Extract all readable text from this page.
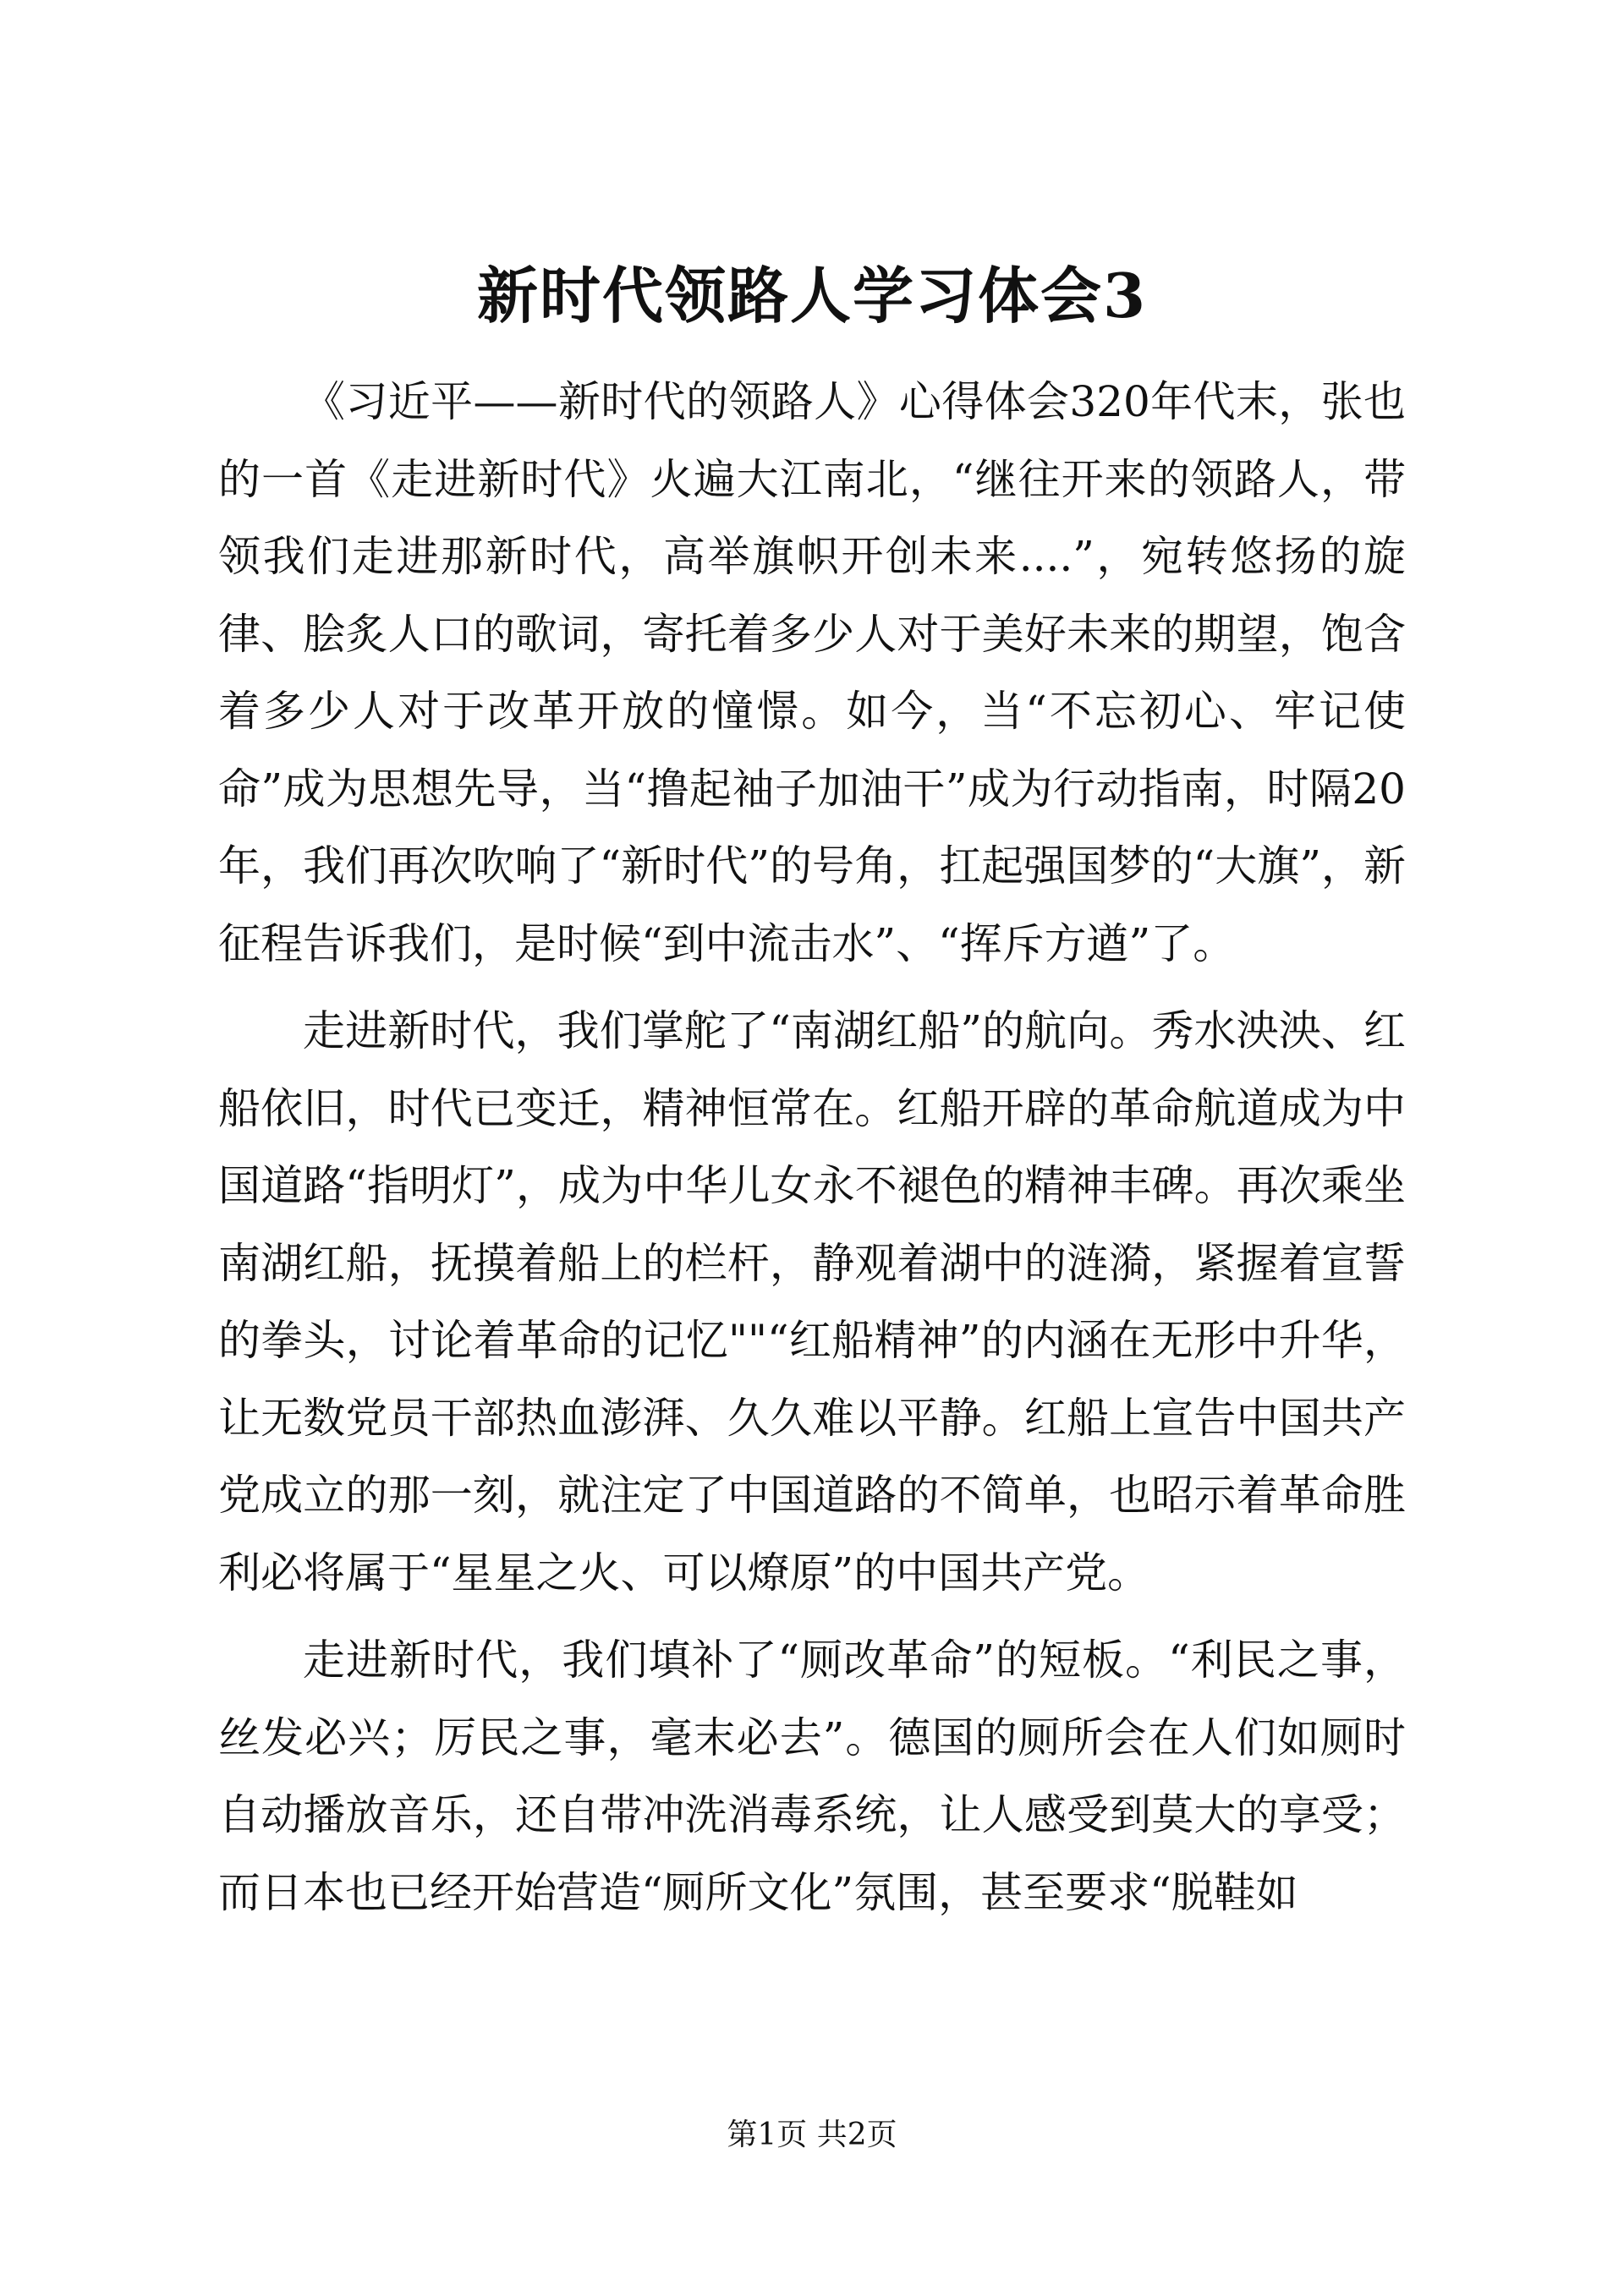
新时代领路人学习体会3

《习近平——新时代的领路人》心得体会320年代末，张也的一首《走进新时代》火遍大江南北，“继往开来的领路人，带领我们走进那新时代，高举旗帜开创未来....”，宛转悠扬的旋律、脍炙人口的歌词，寄托着多少人对于美好未来的期望，饱含着多少人对于改革开放的憧憬。如今，当“不忘初心、牢记使命”成为思想先导，当“撸起袖子加油干”成为行动指南，时隔20年，我们再次吹响了“新时代”的号角，扛起强国梦的“大旗”，新征程告诉我们，是时候“到中流击水”、“挥斥方遒”了。

走进新时代，我们掌舵了“南湖红船”的航向。秀水泱泱、红船依旧，时代已变迁，精神恒常在。红船开辟的革命航道成为中国道路“指明灯”，成为中华儿女永不褪色的精神丰碑。再次乘坐南湖红船，抚摸着船上的栏杆，静观着湖中的涟漪，紧握着宣誓的拳头，讨论着革命的记忆""“红船精神”的内涵在无形中升华，让无数党员干部热血澎湃、久久难以平静。红船上宣告中国共产党成立的那一刻，就注定了中国道路的不简单，也昭示着革命胜利必将属于“星星之火、可以燎原”的中国共产党。

走进新时代，我们填补了“厕改革命”的短板。“利民之事，丝发必兴；厉民之事，毫末必去”。德国的厕所会在人们如厕时自动播放音乐，还自带冲洗消毒系统，让人感受到莫大的享受；而日本也已经开始营造“厕所文化”氛围，甚至要求“脱鞋如

第1页 共2页
